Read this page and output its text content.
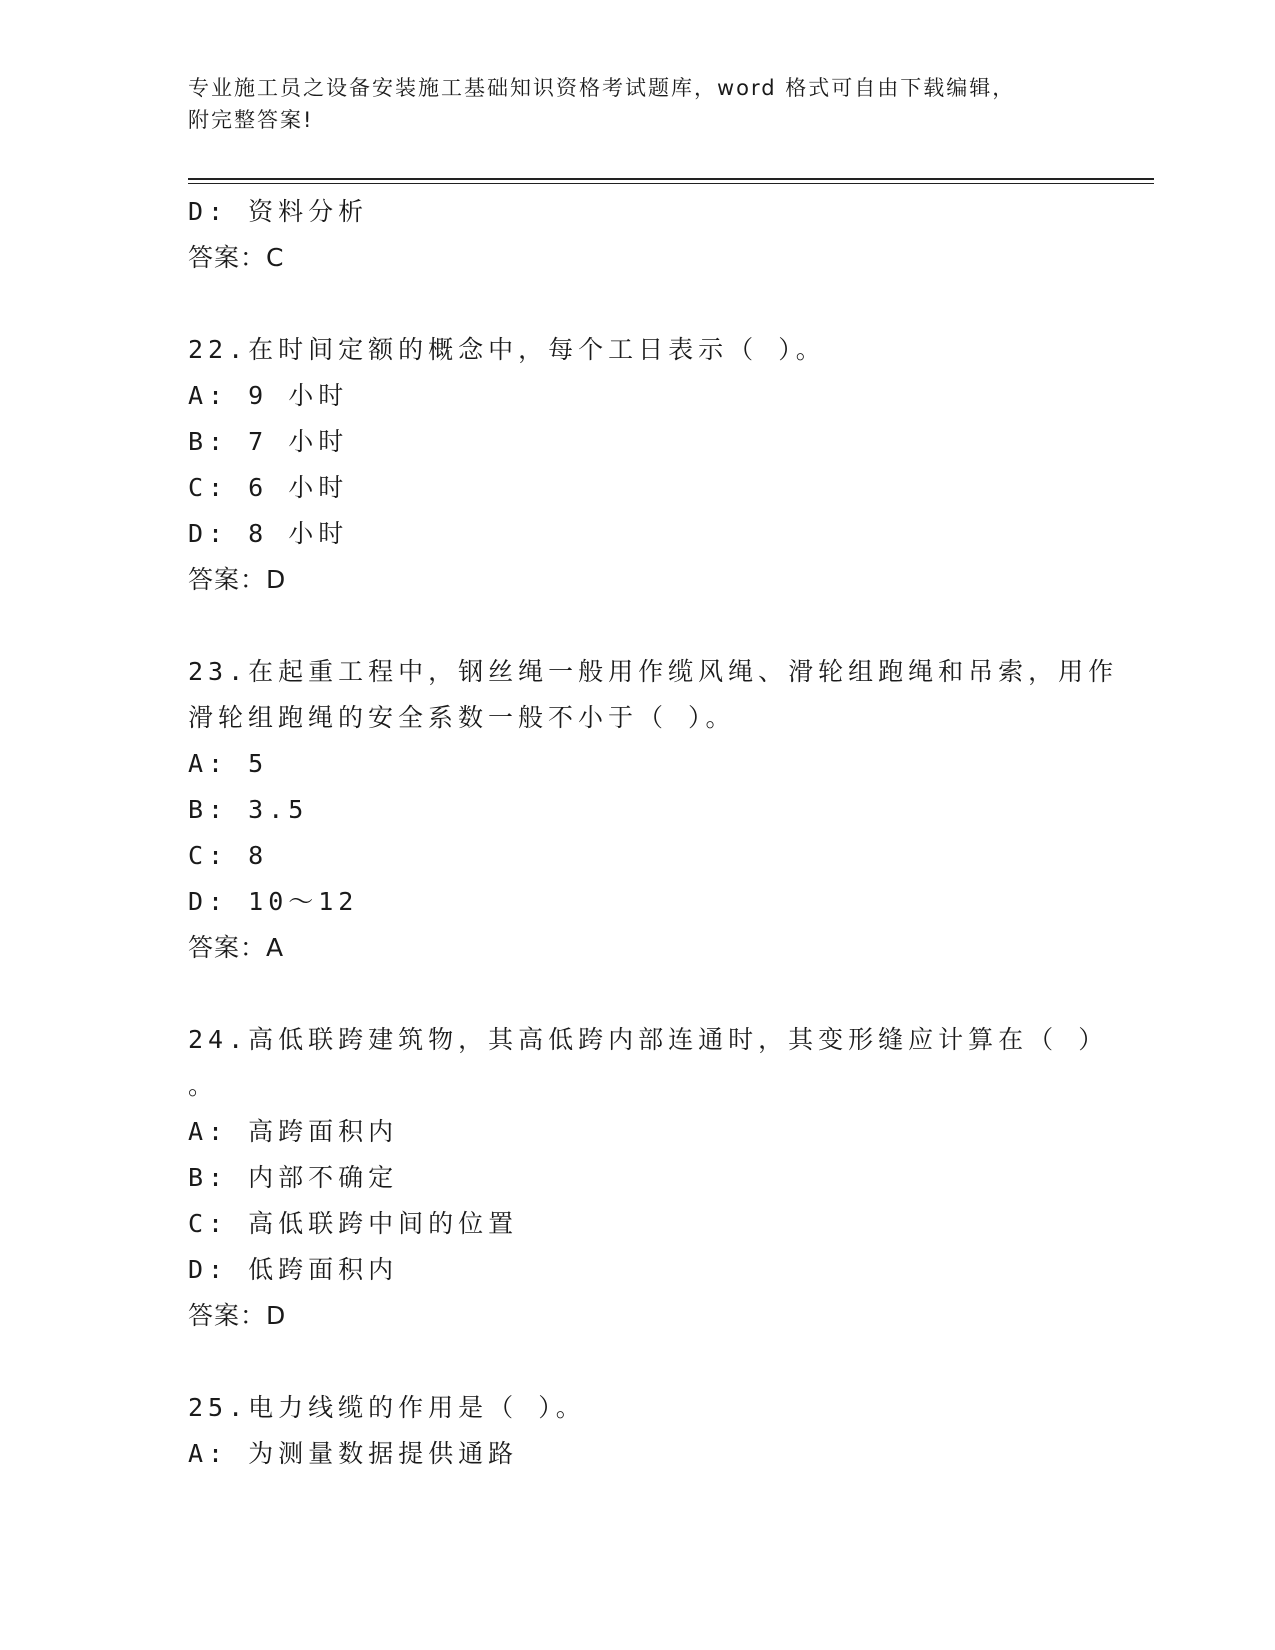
专业施工员之设备安装施工基础知识资格考试题库，word 格式可自由下载编辑，
附完整答案!
D: 资料分析
答案：C
22.在时间定额的概念中，每个工日表示（ ）。
A: 9 小时
B: 7 小时
C: 6 小时
D: 8 小时
答案：D
23.在起重工程中，钢丝绳一般用作缆风绳、滑轮组跑绳和吊索，用作
滑轮组跑绳的安全系数一般不小于（ ）。
A: 5
B: 3.5
C: 8
D: 10～12
答案：A
24.高低联跨建筑物，其高低跨内部连通时，其变形缝应计算在（ ）
。
A: 高跨面积内
B: 内部不确定
C: 高低联跨中间的位置
D: 低跨面积内
答案：D
25.电力线缆的作用是（ ）。
A: 为测量数据提供通路
